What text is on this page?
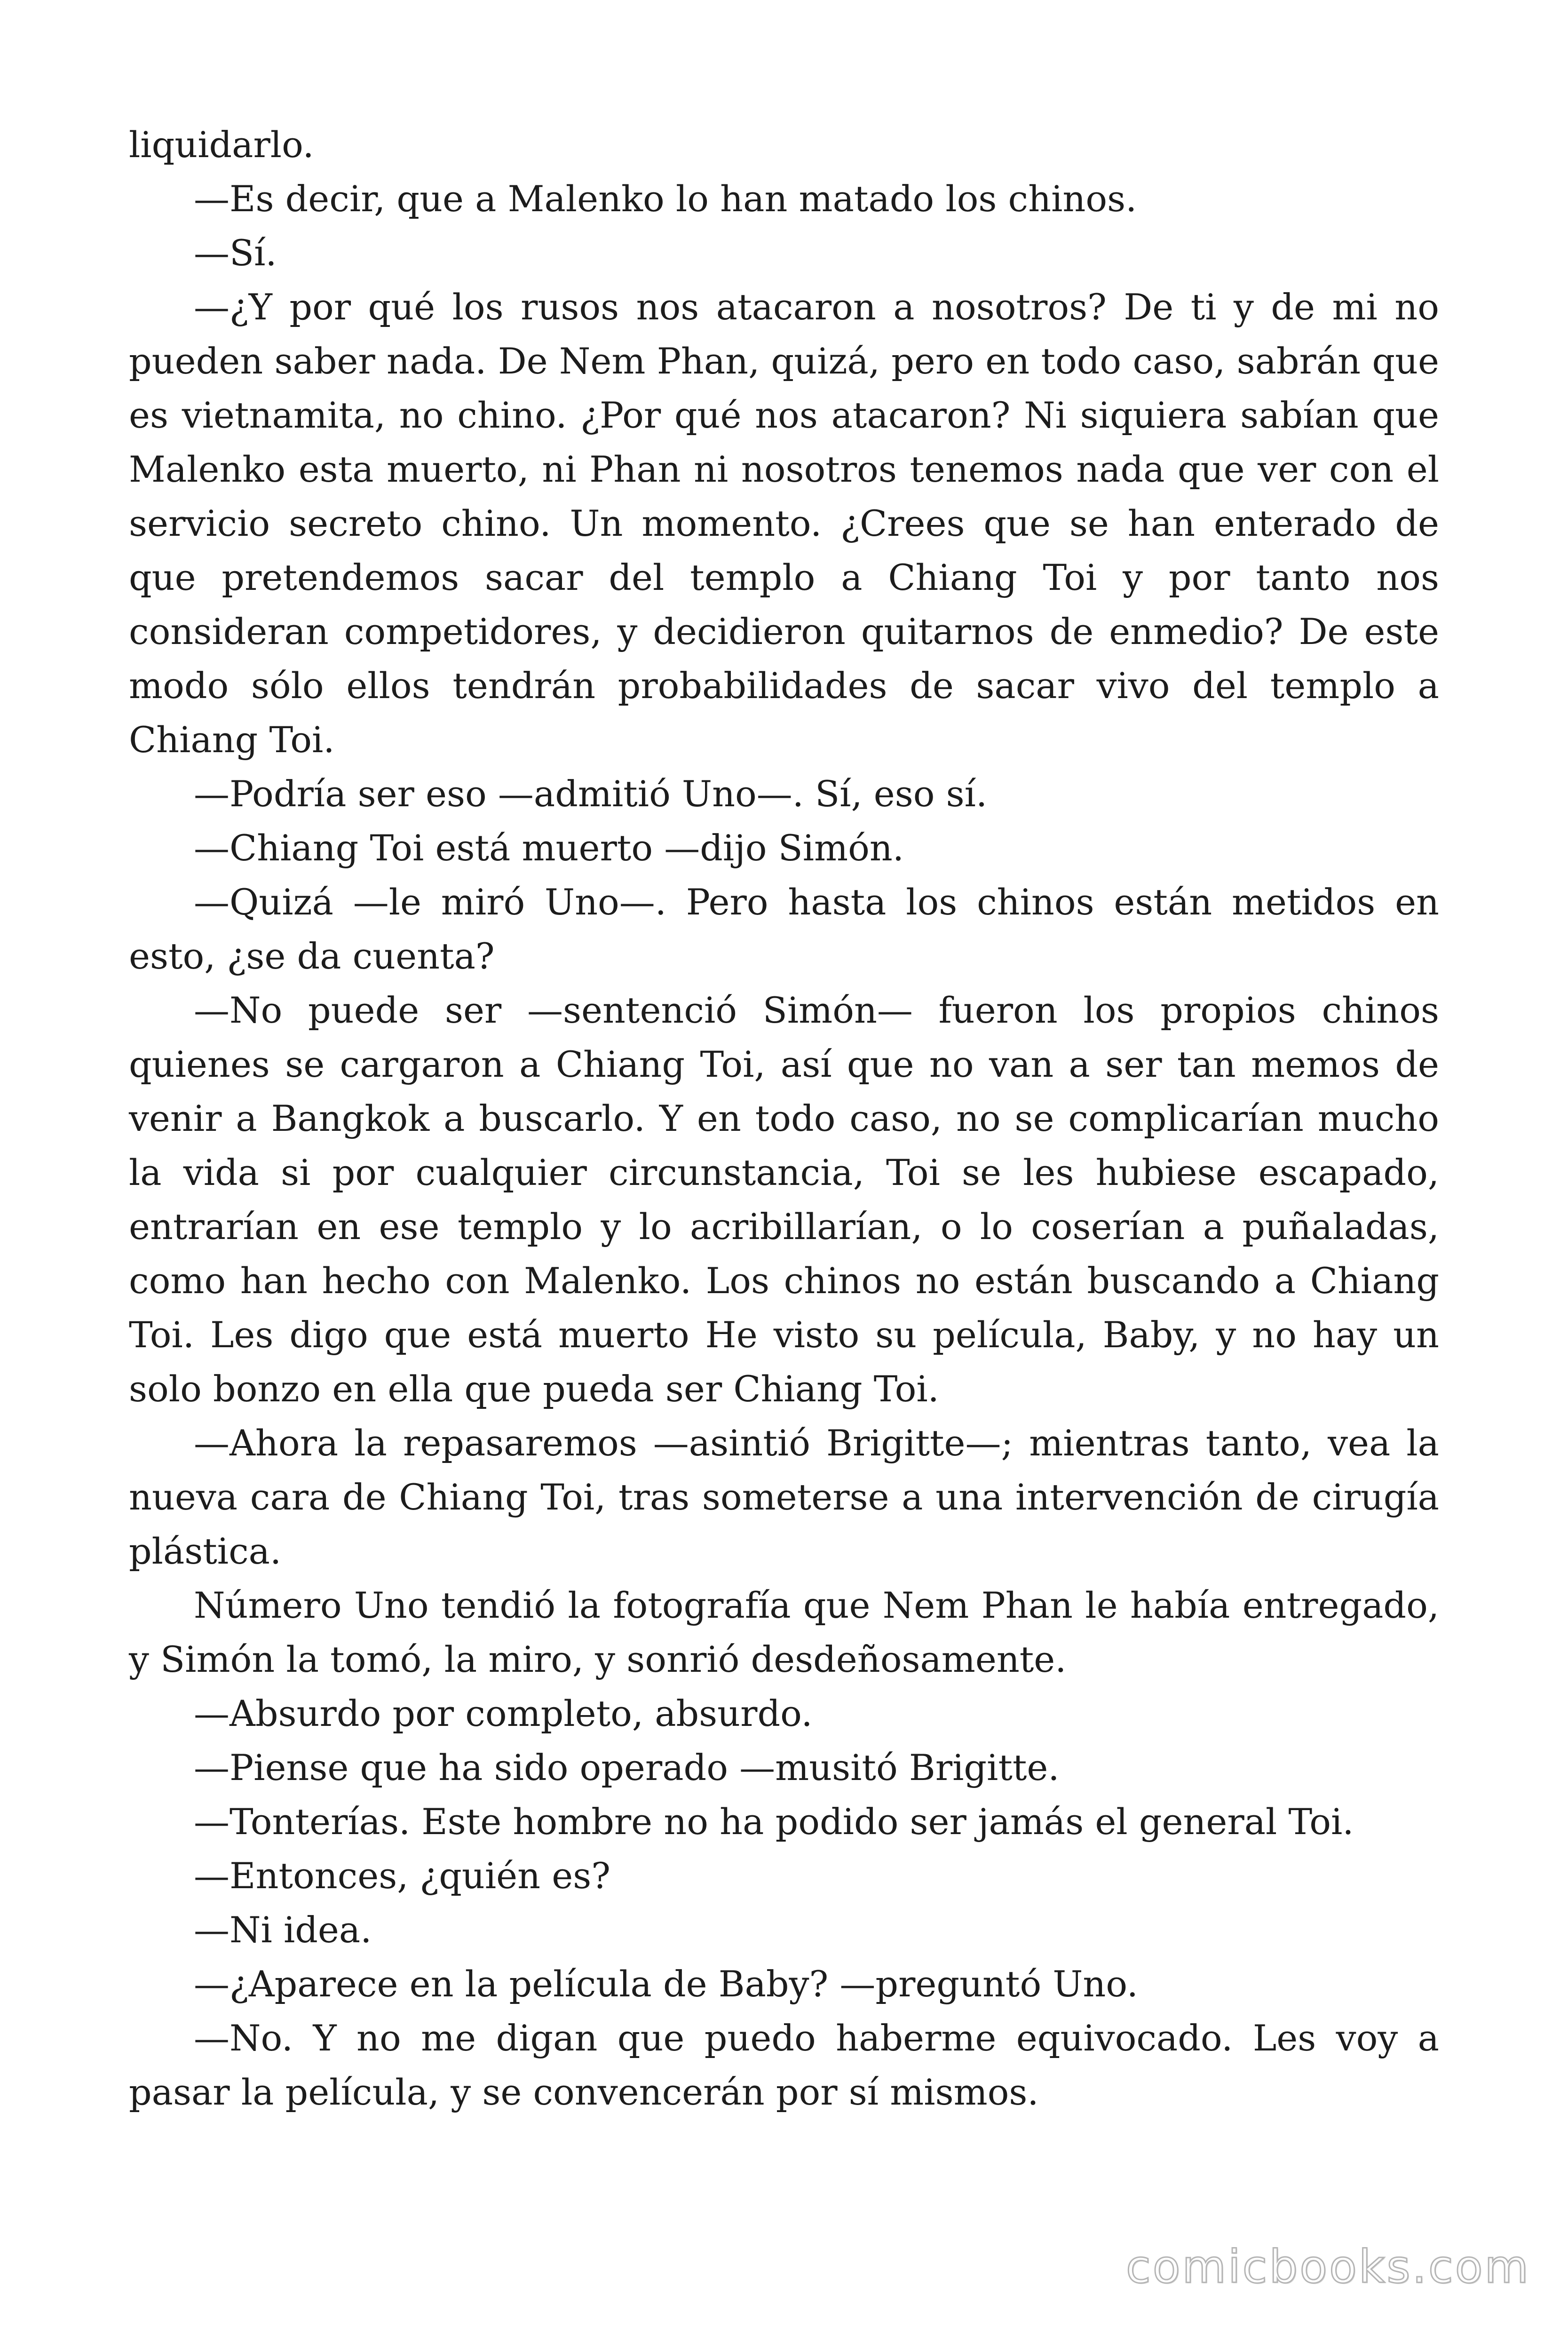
liquidarlo.

—Es decir, que a Malenko lo han matado los chinos.

—Sí.

—¿Y por qué los rusos nos atacaron a nosotros? De ti y de mi no pueden saber nada. De Nem Phan, quizá, pero en todo caso, sabrán que es vietnamita, no chino. ¿Por qué nos atacaron? Ni siquiera sabían que Malenko esta muerto, ni Phan ni nosotros tenemos nada que ver con el servicio secreto chino. Un momento. ¿Crees que se han enterado de que pretendemos sacar del templo a Chiang Toi y por tanto nos consideran competidores, y decidieron quitarnos de enmedio? De este modo sólo ellos tendrán probabilidades de sacar vivo del templo a Chiang Toi.

—Podría ser eso —admitió Uno—. Sí, eso sí.

—Chiang Toi está muerto —dijo Simón.

—Quizá —le miró Uno—. Pero hasta los chinos están metidos en esto, ¿se da cuenta?

—No puede ser —sentenció Simón— fueron los propios chinos quienes se cargaron a Chiang Toi, así que no van a ser tan memos de venir a Bangkok a buscarlo. Y en todo caso, no se complicarían mucho la vida si por cualquier circunstancia, Toi se les hubiese escapado, entrarían en ese templo y lo acribillarían, o lo coserían a puñaladas, como han hecho con Malenko. Los chinos no están buscando a Chiang Toi. Les digo que está muerto He visto su película, Baby, y no hay un solo bonzo en ella que pueda ser Chiang Toi.

—Ahora la repasaremos —asintió Brigitte—; mientras tanto, vea la nueva cara de Chiang Toi, tras someterse a una intervención de cirugía plástica.

Número Uno tendió la fotografía que Nem Phan le había entregado, y Simón la tomó, la miro, y sonrió desdeñosamente.

—Absurdo por completo, absurdo.

—Piense que ha sido operado —musitó Brigitte.

—Tonterías. Este hombre no ha podido ser jamás el general Toi.

—Entonces, ¿quién es?

—Ni idea.

—¿Aparece en la película de Baby? —preguntó Uno.

—No. Y no me digan que puedo haberme equivocado. Les voy a pasar la película, y se convencerán por sí mismos.

comicbooks.com
